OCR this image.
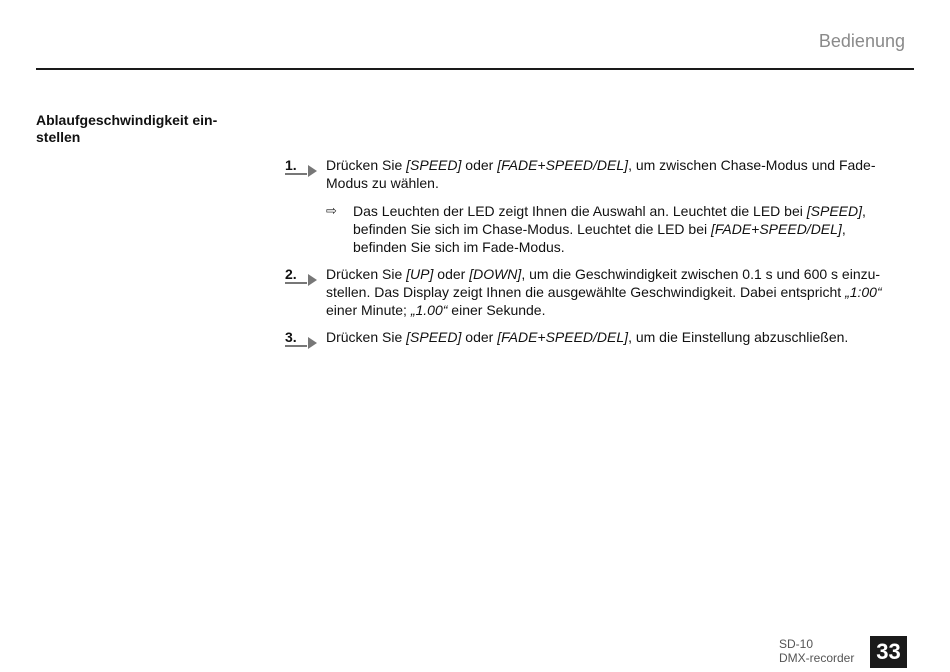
Bedienung
Ablaufgeschwindigkeit ein-stellen
1. Drücken Sie [SPEED] oder [FADE+SPEED/DEL], um zwischen Chase-Modus und Fade-Modus zu wählen.
⇨ Das Leuchten der LED zeigt Ihnen die Auswahl an. Leuchtet die LED bei [SPEED], befinden Sie sich im Chase-Modus. Leuchtet die LED bei [FADE+SPEED/DEL], befinden Sie sich im Fade-Modus.
2. Drücken Sie [UP] oder [DOWN], um die Geschwindigkeit zwischen 0.1 s und 600 s einzustellen. Das Display zeigt Ihnen die ausgewählte Geschwindigkeit. Dabei entspricht „1:00“ einer Minute; „1.00“ einer Sekunde.
3. Drücken Sie [SPEED] oder [FADE+SPEED/DEL], um die Einstellung abzuschließen.
SD-10
DMX-recorder 33
